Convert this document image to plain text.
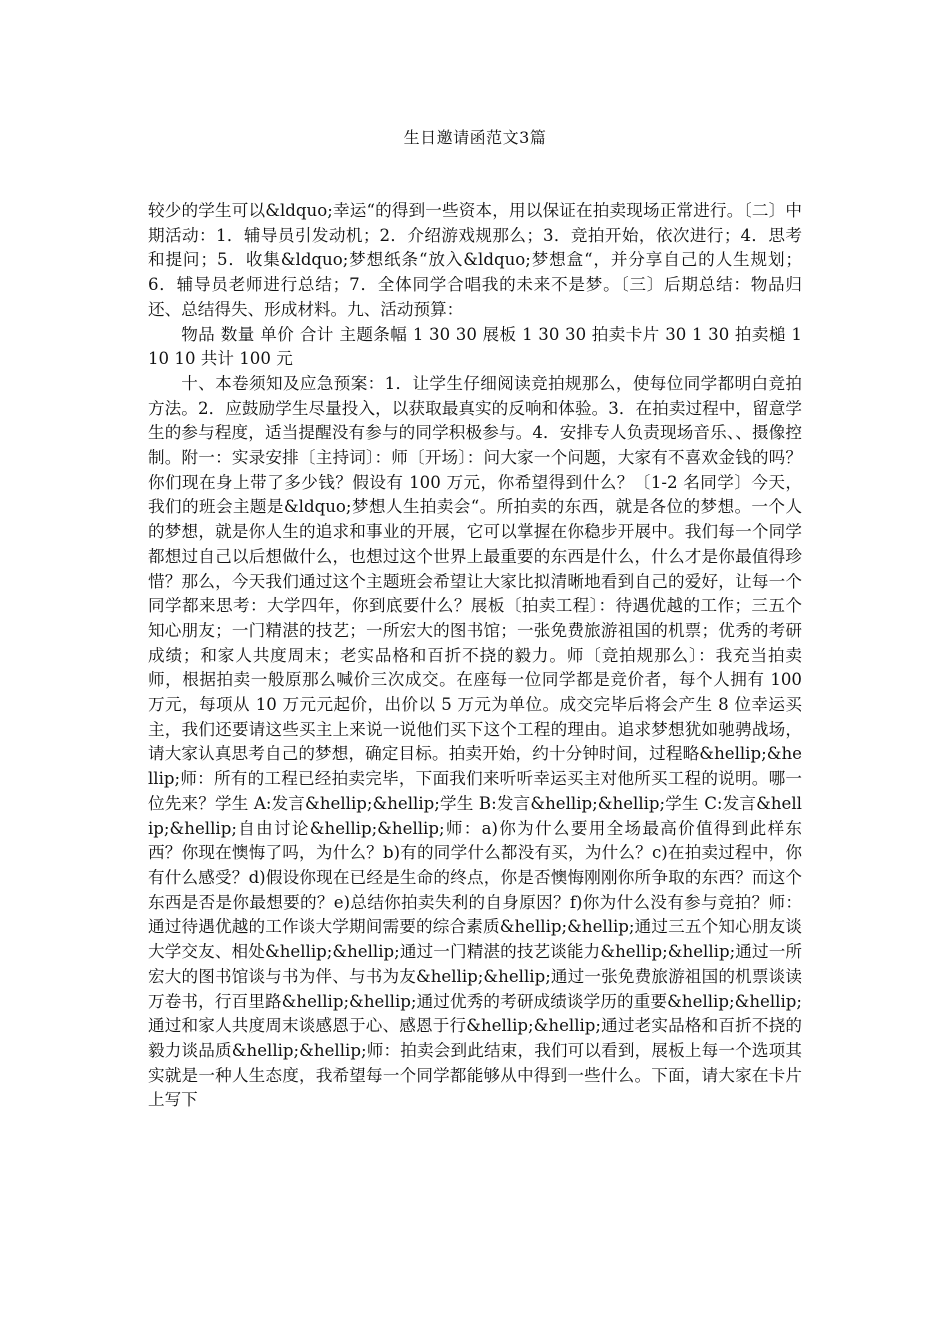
生日邀请函范文3篇

较少的学生可以&ldquo;幸运“的得到一些资本，用以保证在拍卖现场正常进行。〔二〕中期活动：1．辅导员引发动机；2．介绍游戏规那么；3．竞拍开始，依次进行；4．思考和提问；5．收集&ldquo;梦想纸条“放入&ldquo;梦想盒“，并分享自己的人生规划；6．辅导员老师进行总结；7．全体同学合唱我的未来不是梦。〔三〕后期总结：物品归还、总结得失、形成材料。九、活动预算：

物品 数量 单价 合计 主题条幅 1 30 30 展板 1 30 30 拍卖卡片 30 1 30 拍卖槌 1 10 10 共计 100 元

十、本卷须知及应急预案：1．让学生仔细阅读竞拍规那么，使每位同学都明白竞拍方法。2．应鼓励学生尽量投入，以获取最真实的反响和体验。3．在拍卖过程中，留意学生的参与程度，适当提醒没有参与的同学积极参与。4．安排专人负责现场音乐、、摄像控制。附一：实录安排〔主持词〕：师〔开场〕：问大家一个问题，大家有不喜欢金钱的吗？你们现在身上带了多少钱？假设有 100 万元，你希望得到什么？〔1-2 名同学〕今天，我们的班会主题是&ldquo;梦想人生拍卖会“。所拍卖的东西，就是各位的梦想。一个人的梦想，就是你人生的追求和事业的开展，它可以掌握在你稳步开展中。我们每一个同学都想过自己以后想做什么，也想过这个世界上最重要的东西是什么，什么才是你最值得珍惜？那么，今天我们通过这个主题班会希望让大家比拟清晰地看到自己的爱好，让每一个同学都来思考：大学四年，你到底要什么？展板〔拍卖工程〕：待遇优越的工作；三五个知心朋友；一门精湛的技艺；一所宏大的图书馆；一张免费旅游祖国的机票；优秀的考研成绩；和家人共度周末；老实品格和百折不挠的毅力。师〔竞拍规那么〕：我充当拍卖师，根据拍卖一般原那么喊价三次成交。在座每一位同学都是竞价者，每个人拥有 100 万元，每项从 10 万元元起价，出价以 5 万元为单位。成交完毕后将会产生 8 位幸运买主，我们还要请这些买主上来说一说他们买下这个工程的理由。追求梦想犹如驰骋战场，请大家认真思考自己的梦想，确定目标。拍卖开始，约十分钟时间，过程略&hellip;&hellip;师：所有的工程已经拍卖完毕，下面我们来听听幸运买主对他所买工程的说明。哪一位先来？学生 A:发言&hellip;&hellip;学生 B:发言&hellip;&hellip;学生 C:发言&hellip;&hellip;自由讨论&hellip;&hellip;师：a)你为什么要用全场最高价值得到此样东西？你现在懊悔了吗，为什么？b)有的同学什么都没有买，为什么？c)在拍卖过程中，你有什么感受？d)假设你现在已经是生命的终点，你是否懊悔刚刚你所争取的东西？而这个东西是否是你最想要的？e)总结你拍卖失利的自身原因？f)你为什么没有参与竞拍？师：通过待遇优越的工作谈大学期间需要的综合素质&hellip;&hellip;通过三五个知心朋友谈大学交友、相处&hellip;&hellip;通过一门精湛的技艺谈能力&hellip;&hellip;通过一所宏大的图书馆谈与书为伴、与书为友&hellip;&hellip;通过一张免费旅游祖国的机票谈读万卷书，行百里路&hellip;&hellip;通过优秀的考研成绩谈学历的重要&hellip;&hellip;通过和家人共度周末谈感恩于心、感恩于行&hellip;&hellip;通过老实品格和百折不挠的毅力谈品质&hellip;&hellip;师：拍卖会到此结束，我们可以看到，展板上每一个选项其实就是一种人生态度，我希望每一个同学都能够从中得到一些什么。下面，请大家在卡片上写下
